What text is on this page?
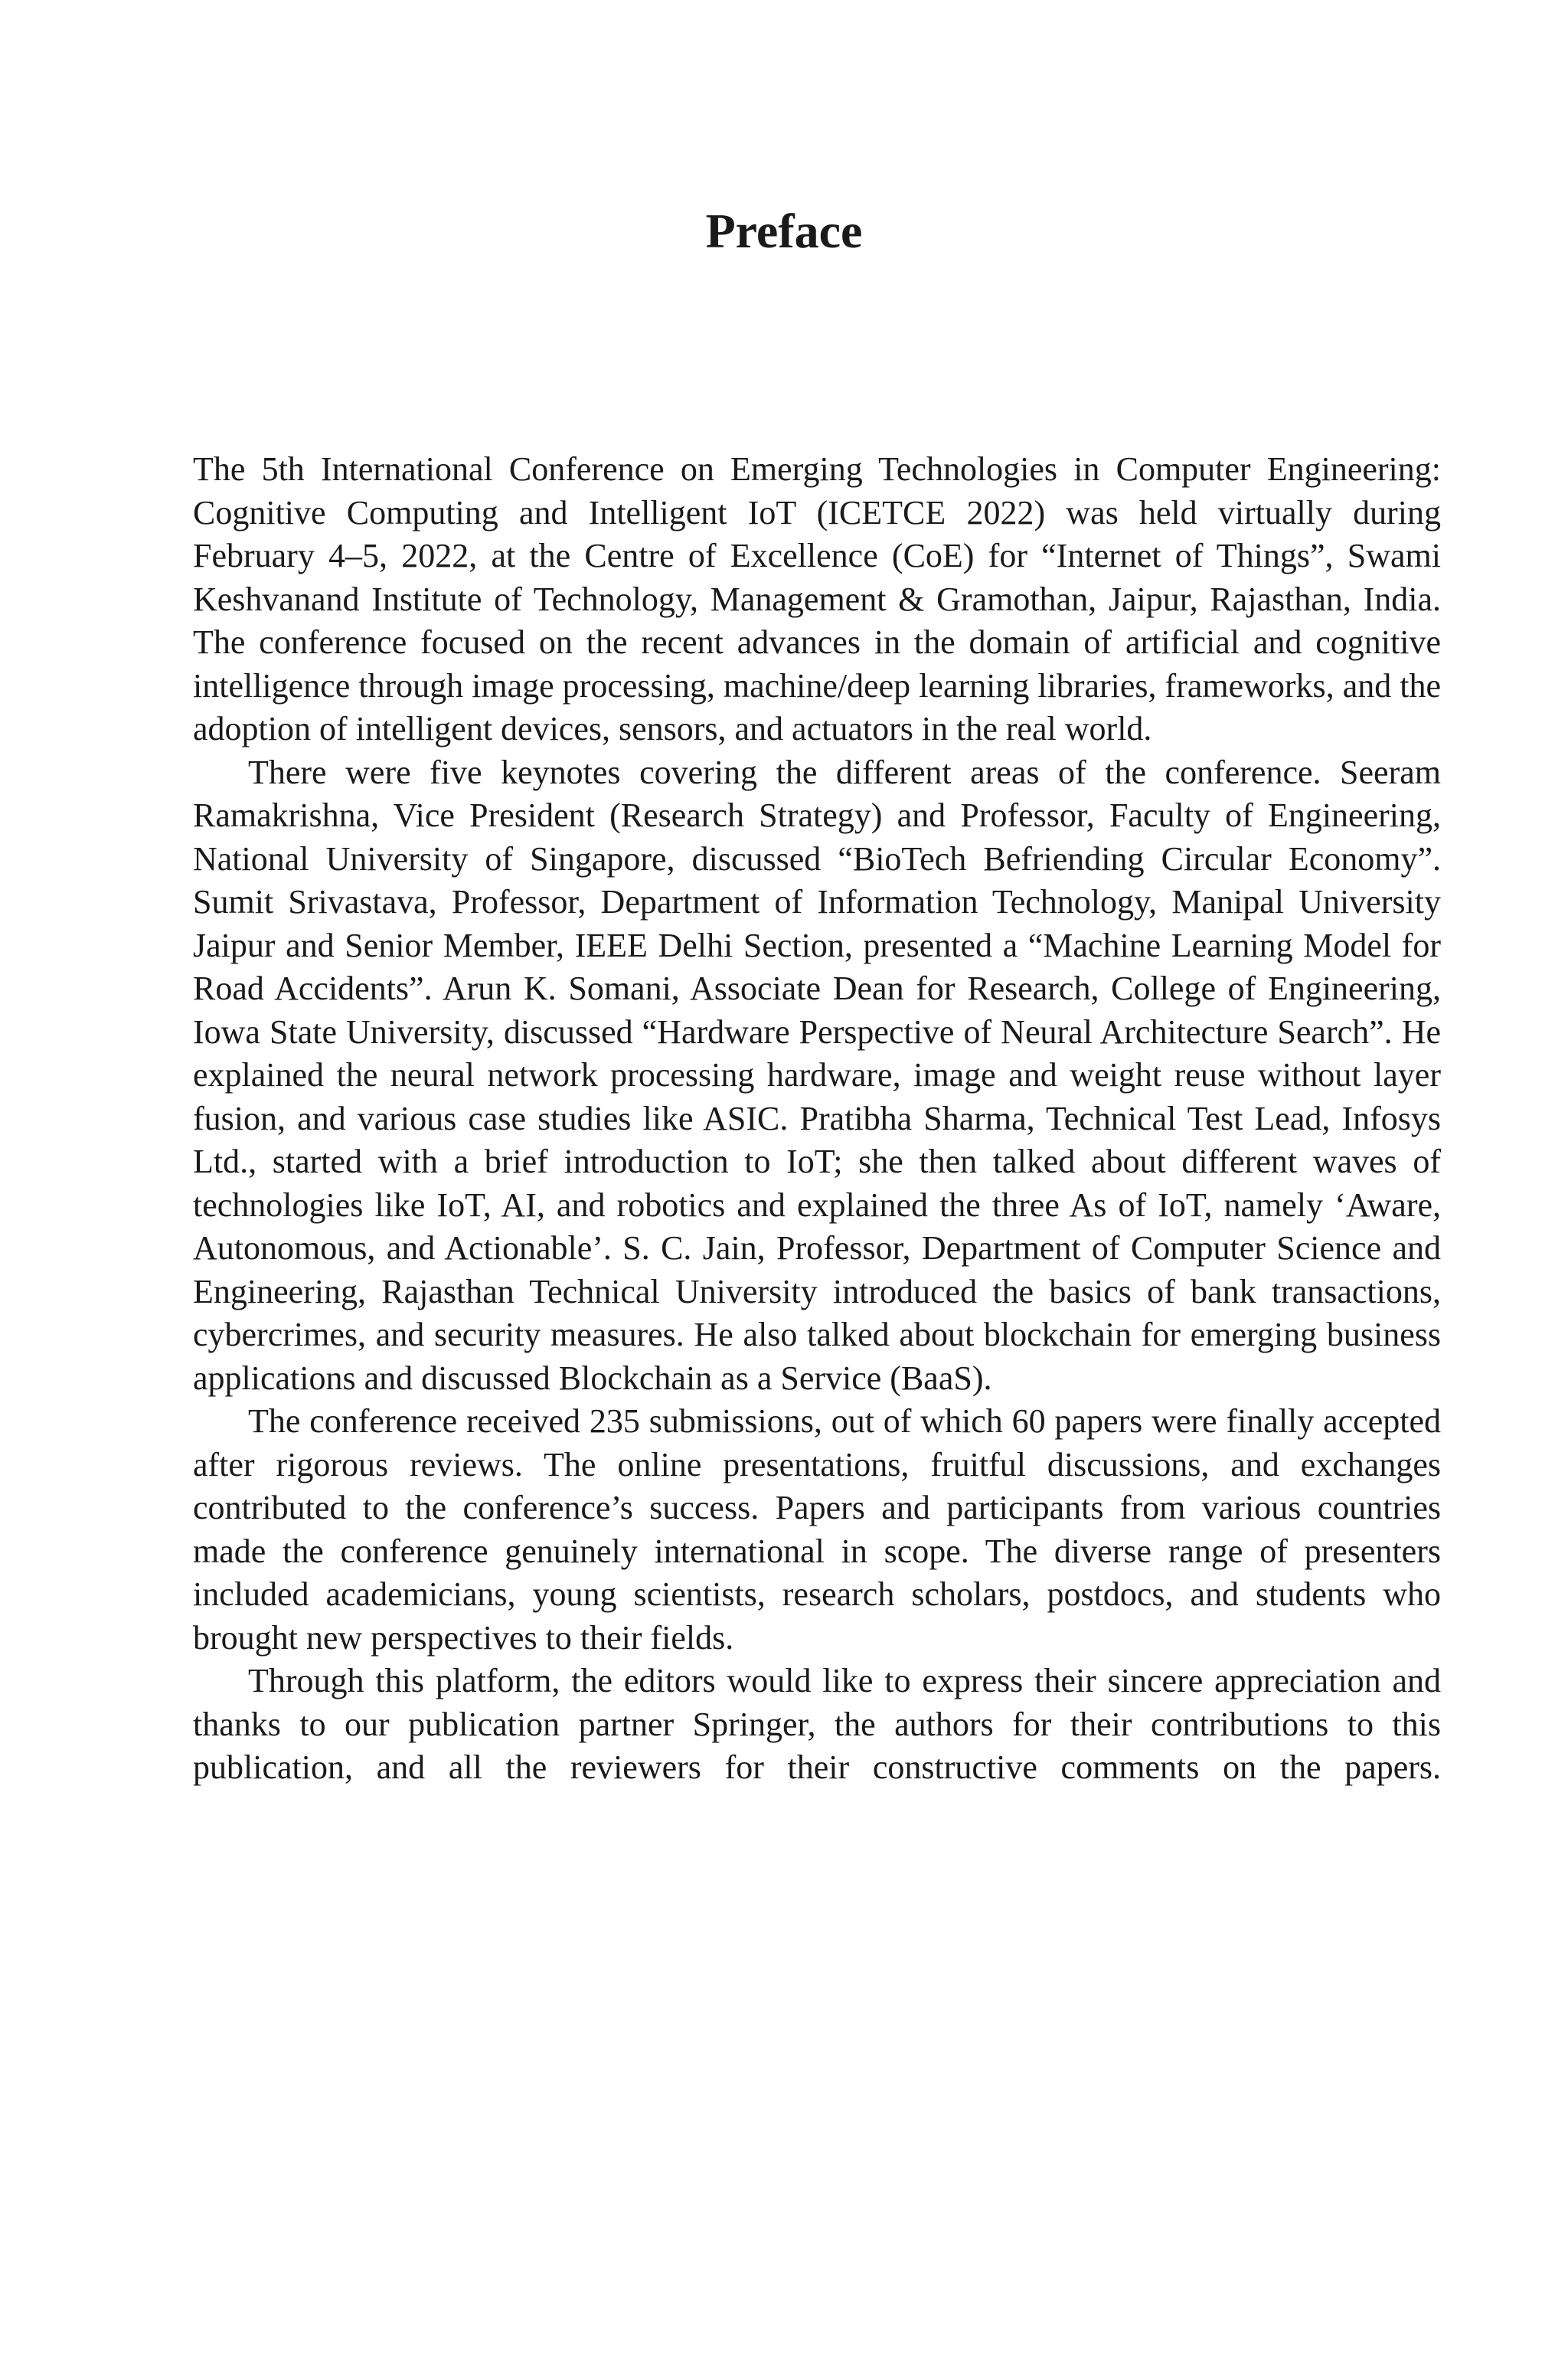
Preface

The 5th International Conference on Emerging Technologies in Computer Engineering: Cognitive Computing and Intelligent IoT (ICETCE 2022) was held virtually during February 4–5, 2022, at the Centre of Excellence (CoE) for “Internet of Things”, Swami Keshvanand Institute of Technology, Management & Gramothan, Jaipur, Rajasthan, India. The conference focused on the recent advances in the domain of artificial and cognitive intelligence through image processing, machine/deep learning libraries, frameworks, and the adoption of intelligent devices, sensors, and actuators in the real world.

There were five keynotes covering the different areas of the conference. Seeram Ramakrishna, Vice President (Research Strategy) and Professor, Faculty of Engineering, National University of Singapore, discussed “BioTech Befriending Circular Economy”. Sumit Srivastava, Professor, Department of Information Technology, Manipal University Jaipur and Senior Member, IEEE Delhi Section, presented a “Machine Learning Model for Road Accidents”. Arun K. Somani, Associate Dean for Research, College of Engineering, Iowa State University, discussed “Hardware Perspective of Neural Architecture Search”. He explained the neural network processing hardware, image and weight reuse without layer fusion, and various case studies like ASIC. Pratibha Sharma, Technical Test Lead, Infosys Ltd., started with a brief introduction to IoT; she then talked about different waves of technologies like IoT, AI, and robotics and explained the three As of IoT, namely ‘Aware, Autonomous, and Actionable’. S. C. Jain, Professor, Department of Computer Science and Engineering, Rajasthan Technical University introduced the basics of bank transactions, cybercrimes, and security measures. He also talked about blockchain for emerging business applications and discussed Blockchain as a Service (BaaS).

The conference received 235 submissions, out of which 60 papers were finally accepted after rigorous reviews. The online presentations, fruitful discussions, and exchanges contributed to the conference’s success. Papers and participants from various countries made the conference genuinely international in scope. The diverse range of presenters included academicians, young scientists, research scholars, postdocs, and students who brought new perspectives to their fields.

Through this platform, the editors would like to express their sincere appreciation and thanks to our publication partner Springer, the authors for their contributions to this publication, and all the reviewers for their constructive comments on the papers.
